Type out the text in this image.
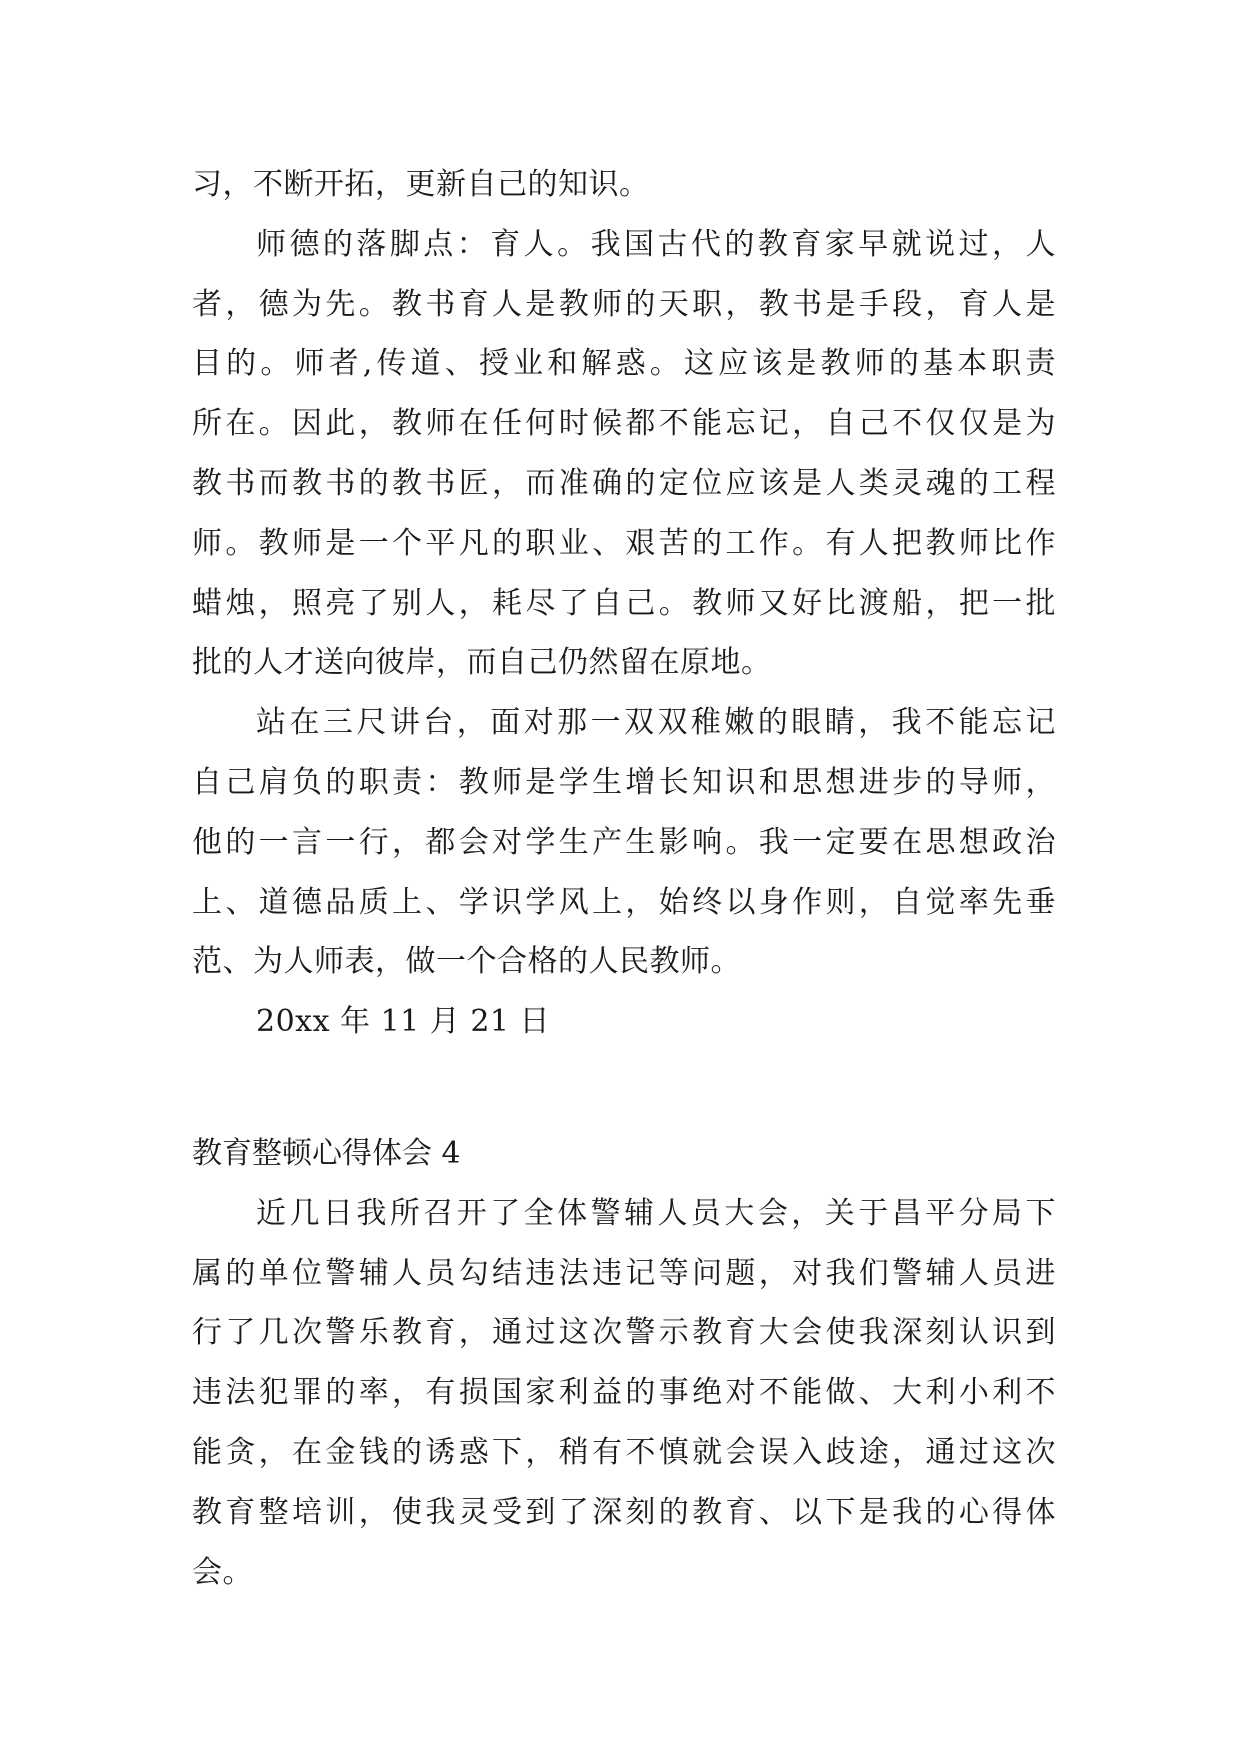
习，不断开拓，更新自己的知识。
师德的落脚点：育人。我国古代的教育家早就说过，人
者，德为先。教书育人是教师的天职，教书是手段，育人是
目的。师者,传道、授业和解惑。这应该是教师的基本职责
所在。因此，教师在任何时候都不能忘记，自己不仅仅是为
教书而教书的教书匠，而准确的定位应该是人类灵魂的工程
师。教师是一个平凡的职业、艰苦的工作。有人把教师比作
蜡烛，照亮了别人，耗尽了自己。教师又好比渡船，把一批
批的人才送向彼岸，而自己仍然留在原地。
站在三尺讲台，面对那一双双稚嫩的眼睛，我不能忘记
自己肩负的职责：教师是学生增长知识和思想进步的导师，
他的一言一行，都会对学生产生影响。我一定要在思想政治
上、道德品质上、学识学风上，始终以身作则，自觉率先垂
范、为人师表，做一个合格的人民教师。
20xx 年 11 月 21 日
教育整顿心得体会 4
近几日我所召开了全体警辅人员大会，关于昌平分局下
属的单位警辅人员勾结违法违记等问题，对我们警辅人员进
行了几次警乐教育，通过这次警示教育大会使我深刻认识到
违法犯罪的率，有损国家利益的事绝对不能做、大利小利不
能贪，在金钱的诱惑下，稍有不慎就会误入歧途，通过这次
教育整培训，使我灵受到了深刻的教育、以下是我的心得体
会。
